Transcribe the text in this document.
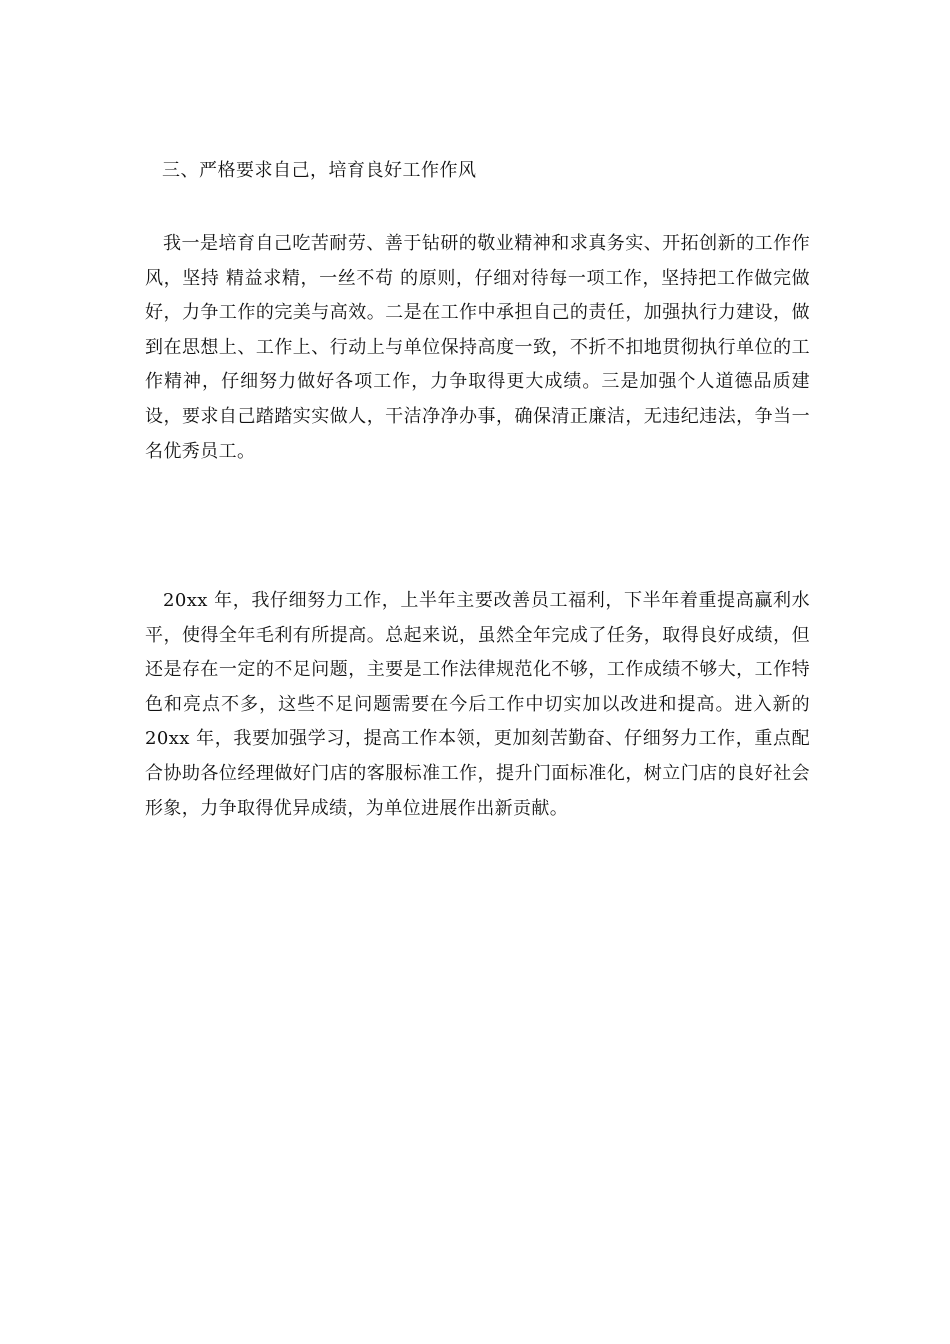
三、严格要求自己，培育良好工作作风

我一是培育自己吃苦耐劳、善于钻研的敬业精神和求真务实、开拓创新的工作作风，坚持 精益求精，一丝不苟 的原则，仔细对待每一项工作，坚持把工作做完做好，力争工作的完美与高效。二是在工作中承担自己的责任，加强执行力建设，做到在思想上、工作上、行动上与单位保持高度一致，不折不扣地贯彻执行单位的工作精神，仔细努力做好各项工作，力争取得更大成绩。三是加强个人道德品质建设，要求自己踏踏实实做人，干洁净净办事，确保清正廉洁，无违纪违法，争当一名优秀员工。

20xx 年，我仔细努力工作，上半年主要改善员工福利，下半年着重提高赢利水平，使得全年毛利有所提高。总起来说，虽然全年完成了任务，取得良好成绩，但还是存在一定的不足问题，主要是工作法律规范化不够，工作成绩不够大，工作特色和亮点不多，这些不足问题需要在今后工作中切实加以改进和提高。进入新的 20xx 年，我要加强学习，提高工作本领，更加刻苦勤奋、仔细努力工作，重点配合协助各位经理做好门店的客服标准工作，提升门面标准化，树立门店的良好社会形象，力争取得优异成绩，为单位进展作出新贡献。
